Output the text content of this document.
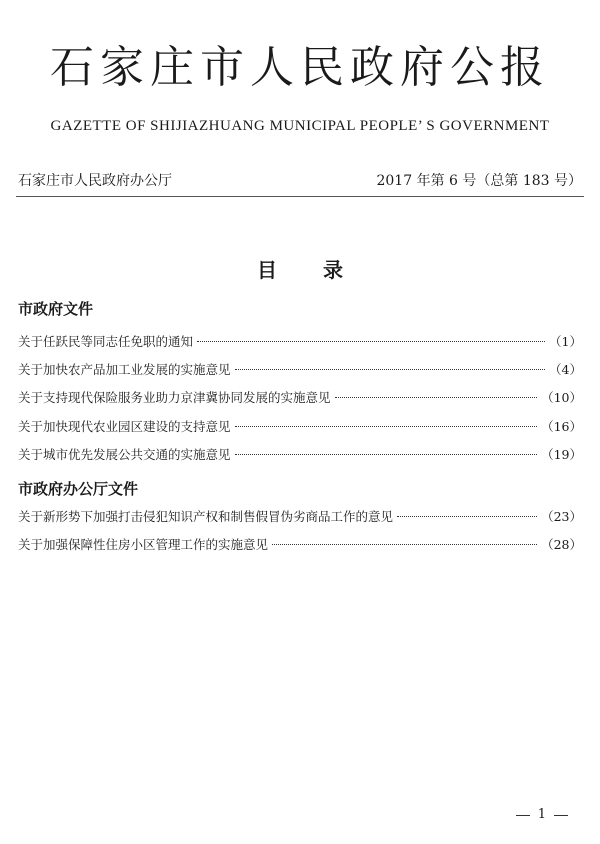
石家庄市人民政府公报
GAZETTE OF SHIJIAZHUANG MUNICIPAL PEOPLE’ S GOVERNMENT
石家庄市人民政府办公厅	2017 年第 6 号（总第 183 号）
目录
市政府文件
关于任跃民等同志任免职的通知	（1）
关于加快农产品加工业发展的实施意见	（4）
关于支持现代保险服务业助力京津冀协同发展的实施意见	（10）
关于加快现代农业园区建设的支持意见	（16）
关于城市优先发展公共交通的实施意见	（19）
市政府办公厅文件
关于新形势下加强打击侵犯知识产权和制售假冒伪劣商品工作的意见	（23）
关于加强保障性住房小区管理工作的实施意见	（28）
1
